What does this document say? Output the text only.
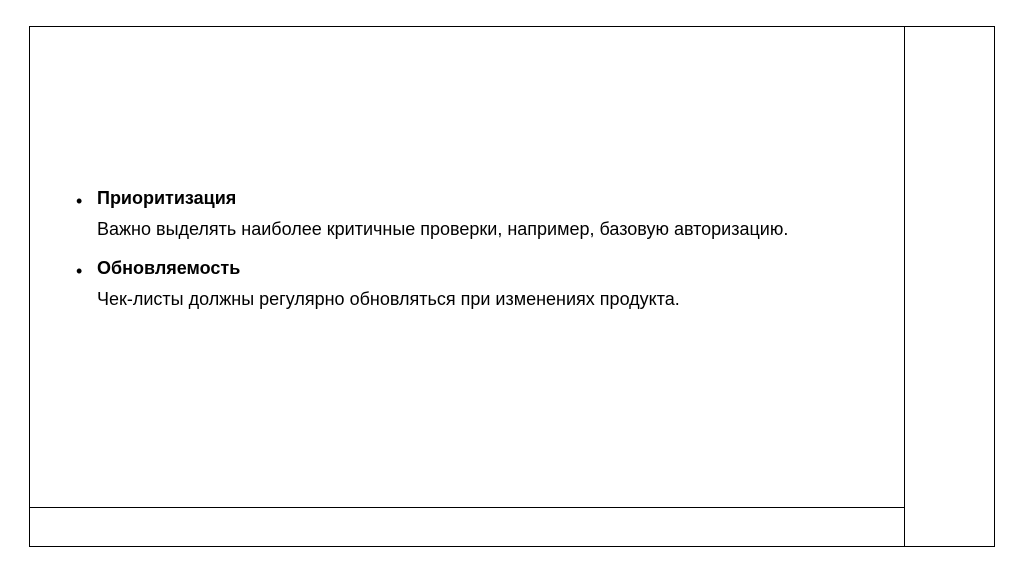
• Приоритизация
Важно выделять наиболее критичные проверки, например, базовую авторизацию.
• Обновляемость
Чек-листы должны регулярно обновляться при изменениях продукта.
